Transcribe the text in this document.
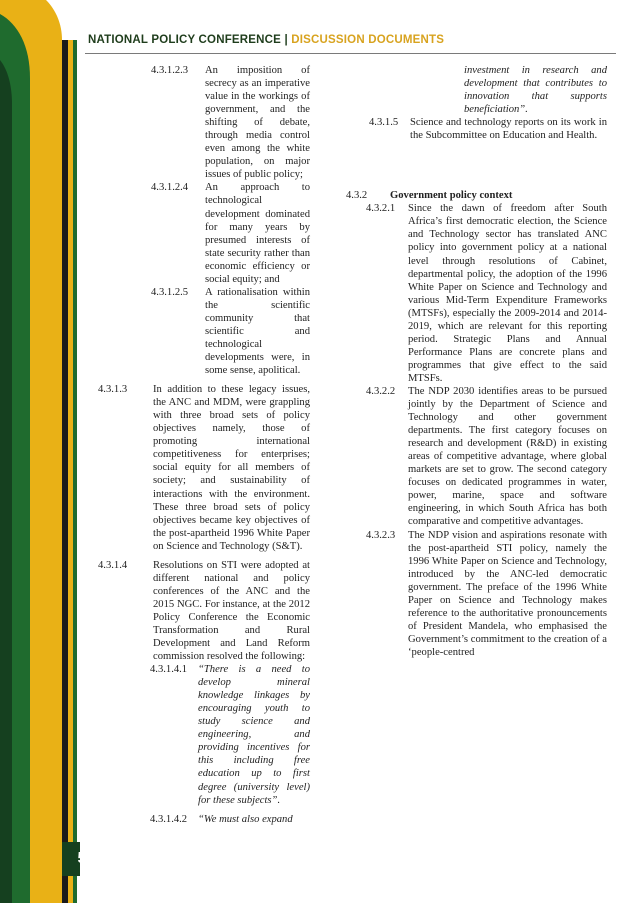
NATIONAL POLICY CONFERENCE | DISCUSSION DOCUMENTS
4.3.1.2.3	An imposition of secrecy as an imperative value in the workings of government, and the shifting of debate, through media control even among the white population, on major issues of public policy;

4.3.1.2.4	An approach to technological development dominated for many years by presumed interests of state security rather than economic efficiency or social equity; and

4.3.1.2.5	A rationalisation within the scientific community that scientific and technological developments were, in some sense, apolitical.

4.3.1.3	In addition to these legacy issues, the ANC and MDM, were grappling with three broad sets of policy objectives namely, those of promoting international competitiveness for enterprises; social equity for all members of society; and sustainability of interactions with the environment. These three broad sets of policy objectives became key objectives of the post-apartheid 1996 White Paper on Science and Technology (S&T).

4.3.1.4	Resolutions on STI were adopted at different national and policy conferences of the ANC and the 2015 NGC. For instance, at the 2012 Policy Conference the Economic Transformation and Rural Development and Land Reform commission resolved the following:

4.3.1.4.1	“There is a need to develop mineral knowledge linkages by encouraging youth to study science and engineering, and providing incentives for this including free education up to first degree (university level) for these subjects”.

4.3.1.4.2	“We must also expand

investment in research and development that contributes to innovation that supports beneficiation”.

4.3.1.5	Science and technology reports on its work in the Subcommittee on Education and Health.

4.3.2	Government policy context
4.3.2.1	Since the dawn of freedom after South Africa’s first democratic election, the Science and Technology sector has translated ANC policy into government policy at a national level through resolutions of Cabinet, departmental policy, the adoption of the 1996 White Paper on Science and Technology and various Mid-Term Expenditure Frameworks (MTSFs), especially the 2009-2014 and 2014-2019, which are relevant for this reporting period. Strategic Plans and Annual Performance Plans are concrete plans and programmes that give effect to the said MTSFs.

4.3.2.2	The NDP 2030 identifies areas to be pursued jointly by the Department of Science and Technology and other government departments. The first category focuses on research and development (R&D) in existing areas of competitive advantage, where global markets are set to grow. The second category focuses on dedicated programmes in water, power, marine, space and software engineering, in which South Africa has both comparative and competitive advantages.

4.3.2.3	The NDP vision and aspirations resonate with the post-apartheid STI policy, namely the 1996 White Paper on Science and Technology, introduced by the ANC-led democratic government. The preface of the 1996 White Paper on Science and Technology makes reference to the authoritative pronouncements of President Mandela, who emphasised the Government’s commitment to the creation of a ‘people-centred

5
